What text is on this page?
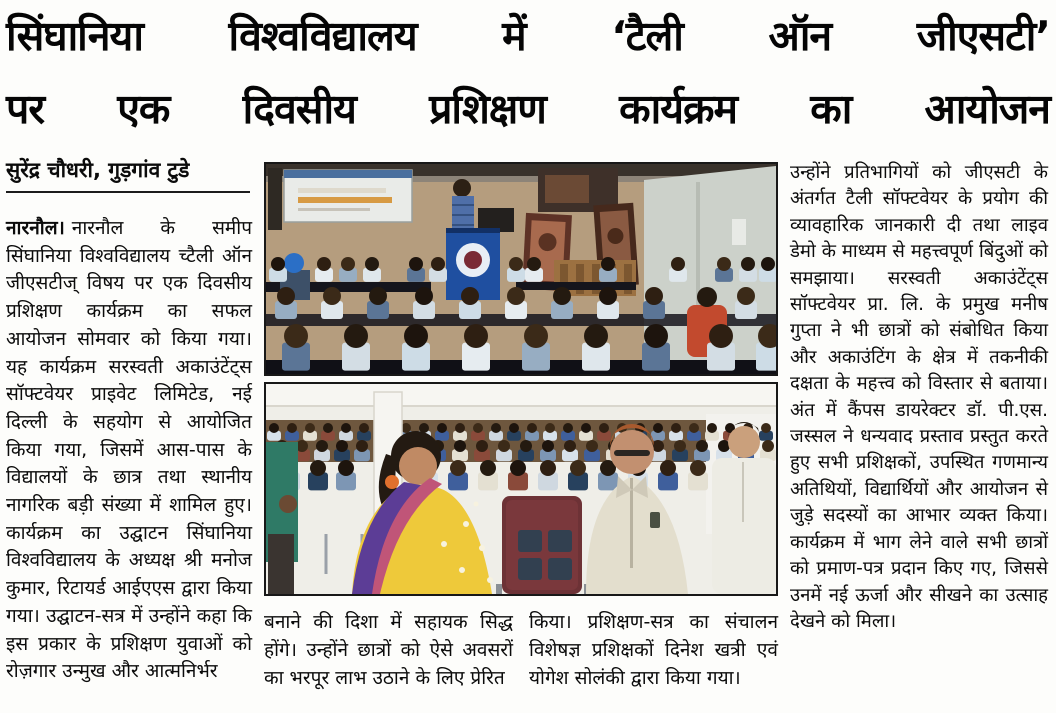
सिंघानिया विश्वविद्यालय में ‘टैली ऑन जीएसटी’
पर एक दिवसीय प्रशिक्षण कार्यक्रम का आयोजन
सुरेंद्र चौधरी, गुड़गांव टुडे

नारनौल। नारनौल के समीप सिंघानिया विश्वविद्यालय च्टैली ऑन जीएसटीज् विषय पर एक दिवसीय प्रशिक्षण कार्यक्रम का सफल आयोजन सोमवार को किया गया। यह कार्यक्रम सरस्वती अकाउंटेंट्स सॉफ्टवेयर प्राइवेट लिमिटेड, नई दिल्ली के सहयोग से आयोजित किया गया, जिसमें आस-पास के विद्यालयों के छात्र तथा स्थानीय नागरिक बड़ी संख्या में शामिल हुए। कार्यक्रम का उद्घाटन सिंघानिया विश्वविद्यालय के अध्यक्ष श्री मनोज कुमार, रिटायर्ड आईएएस द्वारा किया गया। उद्घाटन-सत्र में उन्होंने कहा कि इस प्रकार के प्रशिक्षण युवाओं को रोज़गार उन्मुख और आत्मनिर्भर

बनाने की दिशा में सहायक सिद्ध होंगे। उन्होंने छात्रों को ऐसे अवसरों का भरपूर लाभ उठाने के लिए प्रेरित

किया। प्रशिक्षण-सत्र का संचालन विशेषज्ञ प्रशिक्षकों दिनेश खत्री एवं योगेश सोलंकी द्वारा किया गया।

उन्होंने प्रतिभागियों को जीएसटी के अंतर्गत टैली सॉफ्टवेयर के प्रयोग की व्यावहारिक जानकारी दी तथा लाइव डेमो के माध्यम से महत्त्वपूर्ण बिंदुओं को समझाया। सरस्वती अकाउंटेंट्स सॉफ्टवेयर प्रा. लि. के प्रमुख मनीष गुप्ता ने भी छात्रों को संबोधित किया और अकाउंटिंग के क्षेत्र में तकनीकी दक्षता के महत्त्व को विस्तार से बताया। अंत में कैंपस डायरेक्टर डॉ. पी.एस. जस्सल ने धन्यवाद प्रस्ताव प्रस्तुत करते हुए सभी प्रशिक्षकों, उपस्थित गणमान्य अतिथियों, विद्यार्थियों और आयोजन से जुड़े सदस्यों का आभार व्यक्त किया। कार्यक्रम में भाग लेने वाले सभी छात्रों को प्रमाण-पत्र प्रदान किए गए, जिससे उनमें नई ऊर्जा और सीखने का उत्साह देखने को मिला।
